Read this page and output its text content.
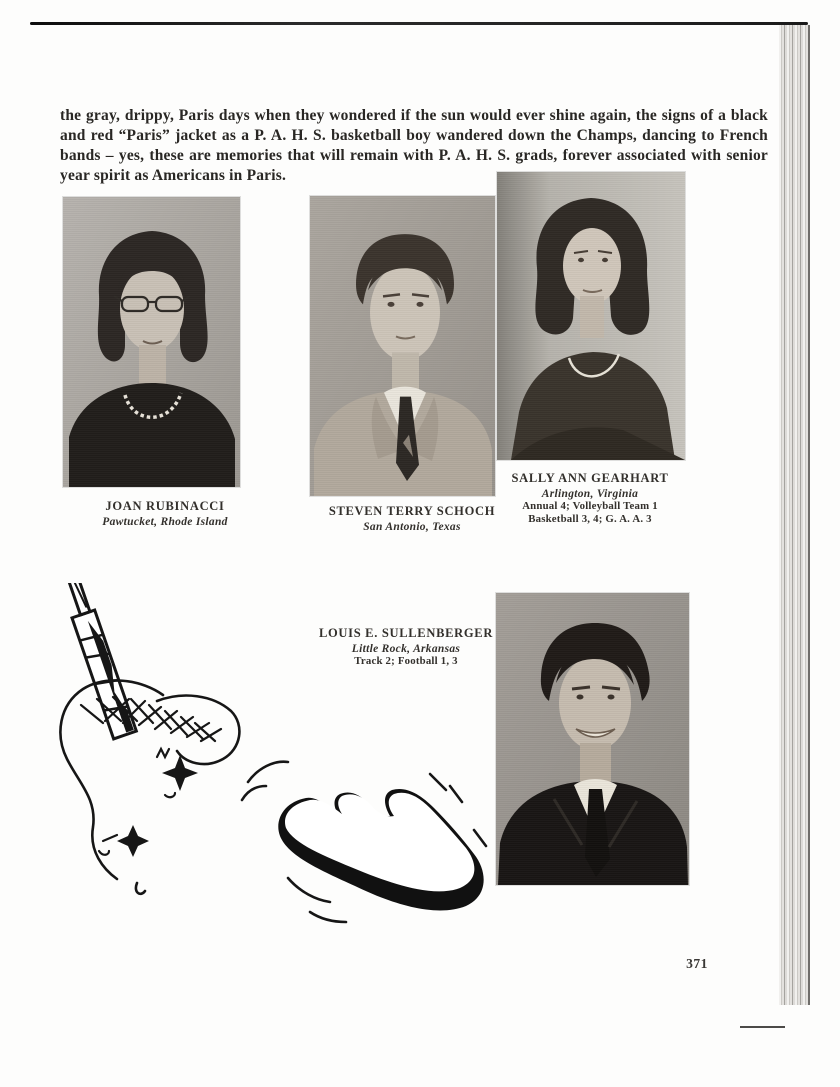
the gray, drippy, Paris days when they wondered if the sun would ever shine again, the signs of a black and red “Paris” jacket as a P. A. H. S. basketball boy wandered down the Champs, dancing to French bands – yes, these are memories that will remain with P. A. H. S. grads, forever associated with senior year spirit as Americans in Paris.

JOAN RUBINACCI
Pawtucket, Rhode Island
STEVEN TERRY SCHOCH
San Antonio, Texas
SALLY ANN GEARHART
Arlington, Virginia
Annual 4; Volleyball Team 1
Basketball 3, 4; G. A. A. 3
LOUIS E. SULLENBERGER
Little Rock, Arkansas
Track 2; Football 1, 3
371
